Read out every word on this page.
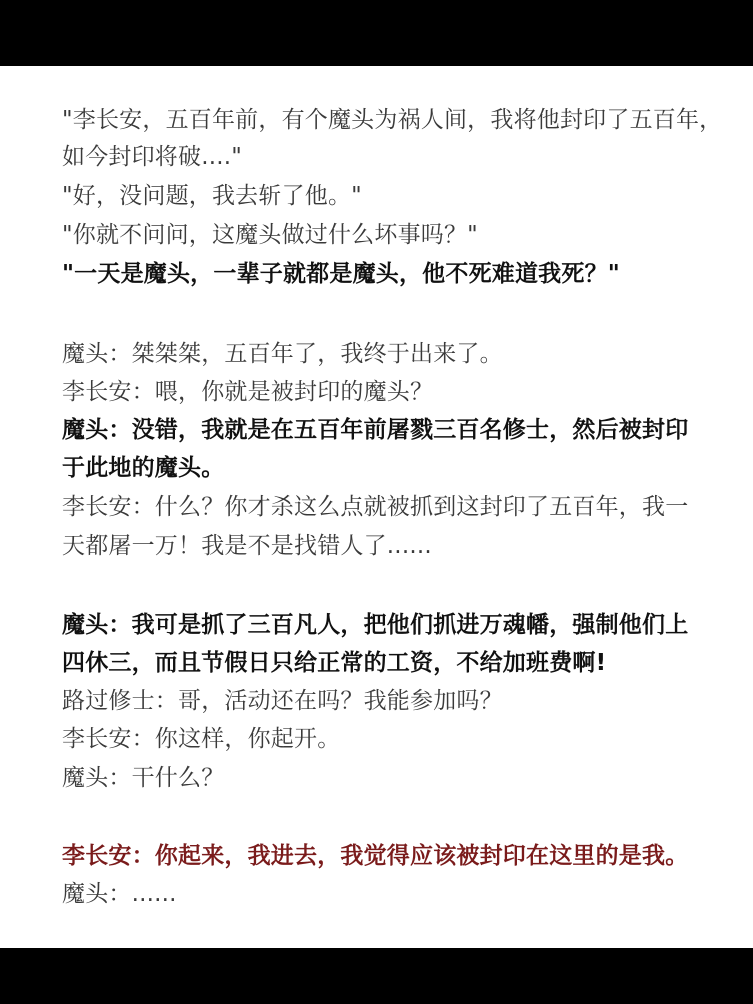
"李长安，五百年前，有个魔头为祸人间，我将他封印了五百年，
如今封印将破...."
"好，没问题，我去斩了他。"
"你就不问问，这魔头做过什么坏事吗？"
"一天是魔头，一辈子就都是魔头，他不死难道我死？"
魔头：桀桀桀，五百年了，我终于出来了。
李长安：喂，你就是被封印的魔头？
魔头：没错，我就是在五百年前屠戮三百名修士，然后被封印
于此地的魔头。
李长安：什么？你才杀这么点就被抓到这封印了五百年，我一
天都屠一万！我是不是找错人了......
魔头：我可是抓了三百凡人，把他们抓进万魂幡，强制他们上
四休三，而且节假日只给正常的工资，不给加班费啊!
路过修士：哥，活动还在吗？我能参加吗？
李长安：你这样，你起开。
魔头：干什么？
李长安：你起来，我进去，我觉得应该被封印在这里的是我。
魔头：......
